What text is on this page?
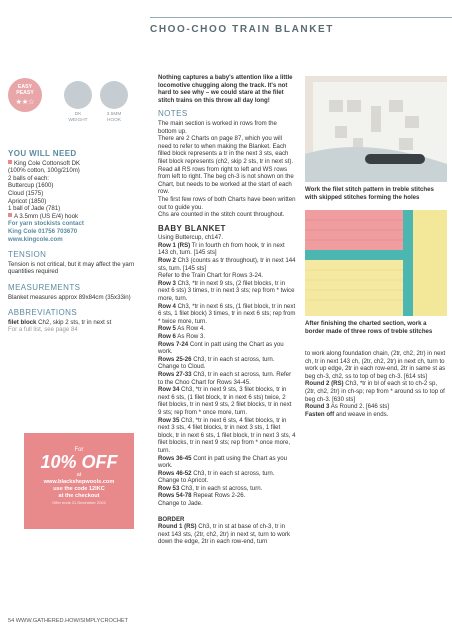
CHOO-CHOO TRAIN BLANKET
EASY
PEASY
★★☆
DK
WEIGHT
3.5MM
HOOK
YOU WILL NEED

King Cole Cottonsoft DK

(100% cotton, 100g/210m)

2 balls of each:

Buttercup (1600)

Cloud (1575)

Apricot (1850)

1 ball of Jade (781)

A 3.5mm (US E/4) hook

For yarn stockists contact

King Cole 01756 703670

www.kingcole.com

TENSION

Tension is not critical, but it may affect the yarn quantities required

MEASUREMENTS

Blanket measures approx 89x84cm (35x33in)

ABBREVIATIONS

filet block Ch2, skip 2 sts, tr in next st

For a full list, see page 84

For
10% OFF
at
www.blackshepwools.com
use the code 12IKC
at the checkout
Offer ends 31 December 2022

Nothing captures a baby's attention like a little locomotive chugging along the track. It's not hard to see why – we could stare at the filet stitch trains on this throw all day long!

NOTES

The main section is worked in rows from the bottom up.
There are 2 Charts on page 87, which you will need to refer to when making the Blanket. Each filled block represents a tr in the next 3 sts, each filet block represents (ch2, skip 2 sts, tr in next st). Read all RS rows from right to left and WS rows from left to right. The beg ch-3 is not shown on the Chart, but needs to be worked at the start of each row.
The first few rows of both Charts have been written out to guide you.
Chs are counted in the stitch count throughout.

BABY BLANKET

Using Buttercup, ch147.

Row 1 (RS) Tr in fourth ch from hook, tr in next 143 ch, turn. [145 sts]

Row 2 Ch3 (counts as tr throughout), tr in next 144 sts, turn. [145 sts]

Refer to the Train Chart for Rows 3-24.

Row 3 Ch3, *tr in next 9 sts, (2 filet blocks, tr in next 6 sts) 3 times, tr in next 3 sts; rep from * twice more, turn.

Row 4 Ch3, *tr in next 6 sts, (1 filet block, tr in next 6 sts, 1 filet block) 3 times, tr in next 6 sts; rep from * twice more, turn.

Row 5 As Row 4.

Row 6 As Row 3.

Rows 7-24 Cont in patt using the Chart as you work.

Rows 25-26 Ch3, tr in each st across, turn. Change to Cloud.

Rows 27-33 Ch3, tr in each st across, turn. Refer to the Choo Chart for Rows 34-45.

Row 34 Ch3, *tr in next 9 sts, 3 filet blocks, tr in next 6 sts, (1 filet block, tr in next 6 sts) twice, 2 filet blocks, tr in next 9 sts, 2 filet blocks, tr in next 9 sts; rep from * once more, turn.

Row 35 Ch3, *tr in next 6 sts, 4 filet blocks, tr in next 3 sts, 4 filet blocks, tr in next 3 sts, 1 filet block, tr in next 6 sts, 1 filet block, tr in next 3 sts, 4 filet blocks, tr in next 9 sts; rep from * once more, turn.

Rows 36-45 Cont in patt using the Chart as you work.

Rows 46-52 Ch3, tr in each st across, turn. Change to Apricot.

Row 53 Ch3, tr in each st across, turn.

Rows 54-78 Repeat Rows 2-26.

Change to Jade.

BORDER

Round 1 (RS) Ch3, tr in st at base of ch-3, tr in next 143 sts, (2tr, ch2, 2tr) in next st, turn to work down the edge, 2tr in each row-end, turn

Work the filet stitch pattern in treble stitches with skipped stitches forming the holes
After finishing the charted section, work a border made of three rows of treble stitches

to work along foundation chain, (2tr, ch2, 2tr) in next ch, tr in next 143 ch, (2tr, ch2, 2tr) in next ch, turn to work up edge, 2tr in each row-end, 2tr in same st as beg ch-3, ch2, ss to top of beg ch-3. [614 sts]

Round 2 (RS) Ch3, *tr in bl of each st to ch-2 sp, (2tr, ch2, 2tr) in ch-sp; rep from * around ss to top of beg ch-3. [630 sts]

Round 3 As Round 2. [646 sts]

Fasten off and weave in ends.

54 WWW.GATHERED.HOW/SIMPLYCROCHET
